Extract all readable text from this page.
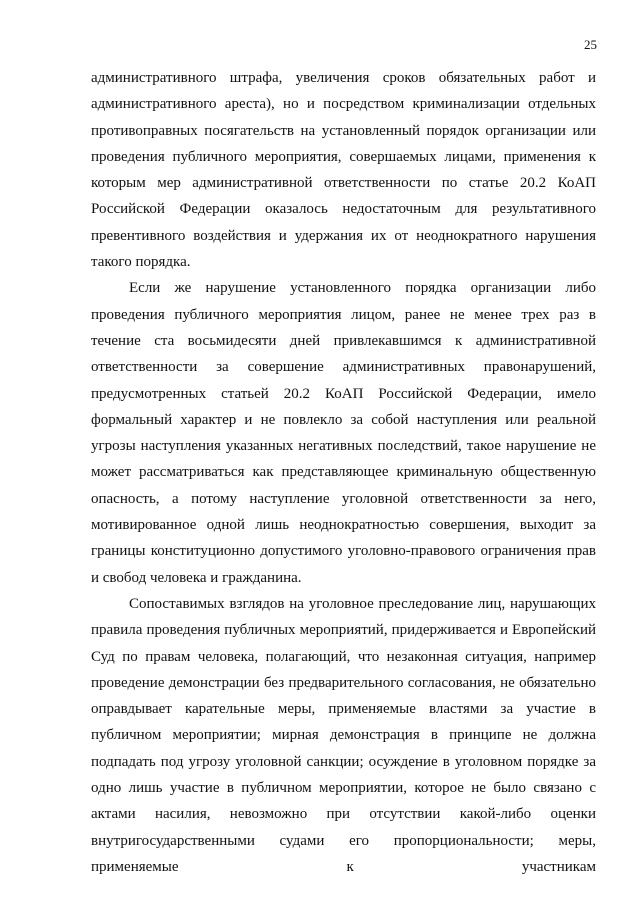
25

административного штрафа, увеличения сроков обязательных работ и административного ареста), но и посредством криминализации отдельных противоправных посягательств на установленный порядок организации или проведения публичного мероприятия, совершаемых лицами, применения к которым мер административной ответственности по статье 20.2 КоАП Российской Федерации оказалось недостаточным для результативного превентивного воздействия и удержания их от неоднократного нарушения такого порядка.

Если же нарушение установленного порядка организации либо проведения публичного мероприятия лицом, ранее не менее трех раз в течение ста восьмидесяти дней привлекавшимся к административной ответственности за совершение административных правонарушений, предусмотренных статьей 20.2 КоАП Российской Федерации, имело формальный характер и не повлекло за собой наступления или реальной угрозы наступления указанных негативных последствий, такое нарушение не может рассматриваться как представляющее криминальную общественную опасность, а потому наступление уголовной ответственности за него, мотивированное одной лишь неоднократностью совершения, выходит за границы конституционно допустимого уголовно-правового ограничения прав и свобод человека и гражданина.

Сопоставимых взглядов на уголовное преследование лиц, нарушающих правила проведения публичных мероприятий, придерживается и Европейский Суд по правам человека, полагающий, что незаконная ситуация, например проведение демонстрации без предварительного согласования, не обязательно оправдывает карательные меры, применяемые властями за участие в публичном мероприятии; мирная демонстрация в принципе не должна подпадать под угрозу уголовной санкции; осуждение в уголовном порядке за одно лишь участие в публичном мероприятии, которое не было связано с актами насилия, невозможно при отсутствии какой-либо оценки внутригосударственными судами его пропорциональности; меры, применяемые к участникам
